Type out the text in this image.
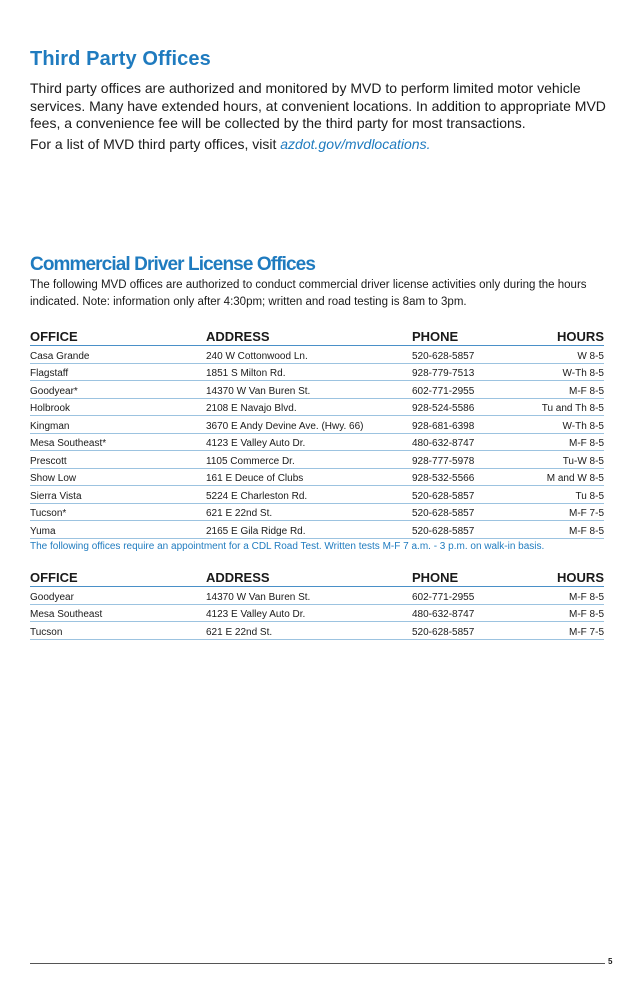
Third Party Offices

Third party offices are authorized and monitored by MVD to perform limited motor vehicle services. Many have extended hours, at convenient locations. In addition to appropriate MVD fees, a convenience fee will be collected by the third party for most transactions.

For a list of MVD third party offices, visit azdot.gov/mvdlocations.

Commercial Driver License Offices

The following MVD offices are authorized to conduct commercial driver license activities only during the hours indicated. Note: information only after 4:30pm; written and road testing is 8am to 3pm.

OFFICE	ADDRESS	PHONE	HOURS
Casa Grande	240 W Cottonwood Ln.	520-628-5857	W 8-5
Flagstaff	1851 S Milton Rd.	928-779-7513	W-Th 8-5
Goodyear*	14370 W Van Buren St.	602-771-2955	M-F 8-5
Holbrook	2108 E Navajo Blvd.	928-524-5586	Tu and Th 8-5
Kingman	3670 E Andy Devine Ave. (Hwy. 66)	928-681-6398	W-Th 8-5
Mesa Southeast*	4123 E Valley Auto Dr.	480-632-8747	M-F 8-5
Prescott	1105 Commerce Dr.	928-777-5978	Tu-W 8-5
Show Low	161 E Deuce of Clubs	928-532-5566	M and W 8-5
Sierra Vista	5224 E Charleston Rd.	520-628-5857	Tu 8-5
Tucson*	621 E 22nd St.	520-628-5857	M-F 7-5
Yuma	2165 E Gila Ridge Rd.	520-628-5857	M-F 8-5

The following offices require an appointment for a CDL Road Test. Written tests M-F 7 a.m. - 3 p.m. on walk-in basis.

OFFICE	ADDRESS	PHONE	HOURS
Goodyear	14370 W Van Buren St.	602-771-2955	M-F 8-5
Mesa Southeast	4123 E Valley Auto Dr.	480-632-8747	M-F 8-5
Tucson	621 E 22nd St.	520-628-5857	M-F 7-5
5
